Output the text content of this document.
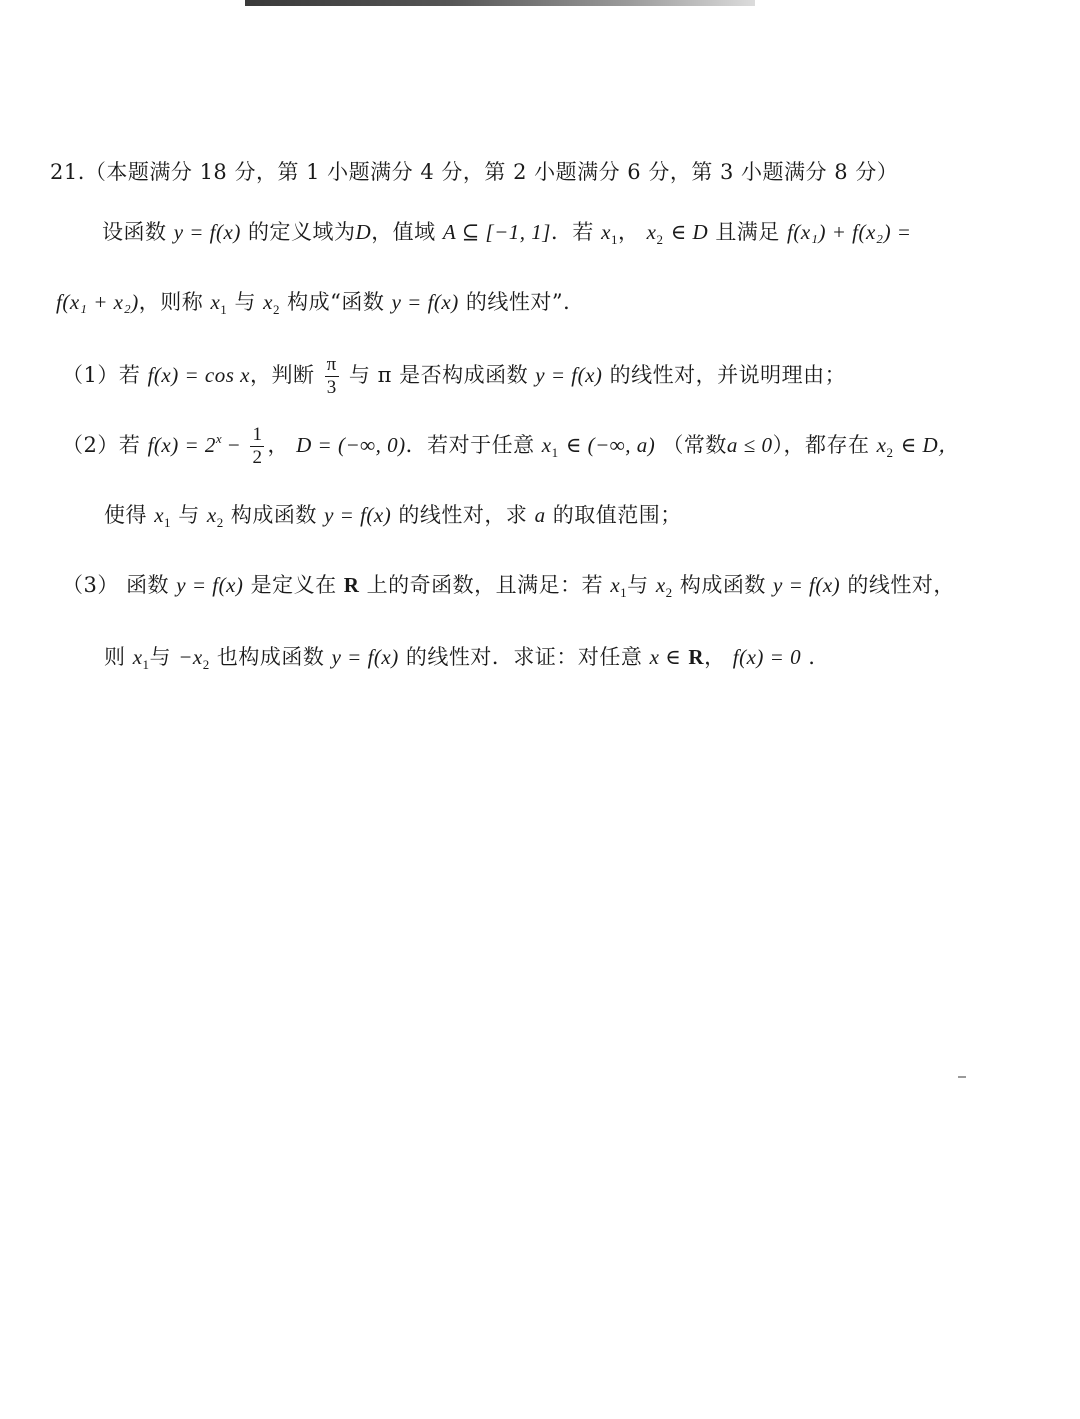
21.（本题满分 18 分，第 1 小题满分 4 分，第 2 小题满分 6 分，第 3 小题满分 8 分）
设函数 y = f(x) 的定义域为D，值域 A ⊆ [−1, 1]．若 $x_1$， $x_2$ ∈ D 且满足 f(x₁) + f(x₂) =
f(x₁ + x₂)，则称 $x_1$ 与 $x_2$ 构成“函数 y = f(x) 的线性对”．
（1）若 f(x) = cos x，判断 $\frac{\pi}{3}$ 与 π 是否构成函数 y = f(x) 的线性对，并说明理由；
（2）若 $f(x) = 2^x - \frac{1}{2}$ ， D = (−∞, 0)．若对于任意 $x_1$ ∈ (−∞, a) （常数a ≤ 0），都存在 $x_2$ ∈ D，
使得 $x_1$ 与 $x_2$ 构成函数 y = f(x) 的线性对，求 a 的取值范围；
（3） 函数 y = f(x) 是定义在 R 上的奇函数，且满足：若 $x_1$与 $x_2$ 构成函数 y = f(x) 的线性对，
则 $x_1$与 $-x_2$ 也构成函数 y = f(x) 的线性对．求证：对任意 x ∈ R， f(x) = 0 .
